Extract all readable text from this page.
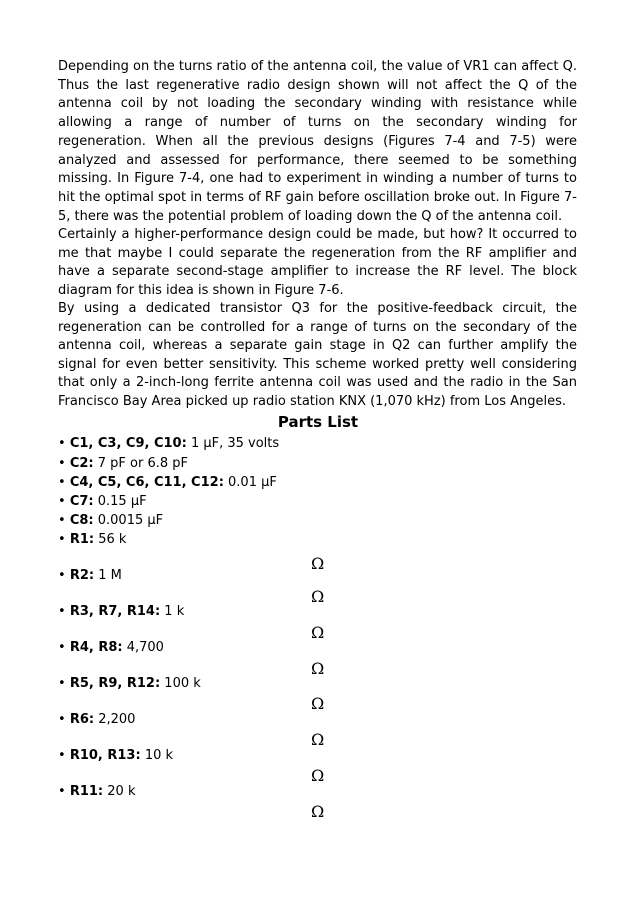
Depending on the turns ratio of the antenna coil, the value of VR1 can affect Q. Thus the last regenerative radio design shown will not affect the Q of the antenna coil by not loading the secondary winding with resistance while allowing a range of number of turns on the secondary winding for regeneration. When all the previous designs (Figures 7-4 and 7-5) were analyzed and assessed for performance, there seemed to be something missing. In Figure 7-4, one had to experiment in winding a number of turns to hit the optimal spot in terms of RF gain before oscillation broke out. In Figure 7-5, there was the potential problem of loading down the Q of the antenna coil.

Certainly a higher-performance design could be made, but how? It occurred to me that maybe I could separate the regeneration from the RF amplifier and have a separate second-stage amplifier to increase the RF level. The block diagram for this idea is shown in Figure 7-6.

By using a dedicated transistor Q3 for the positive-feedback circuit, the regeneration can be controlled for a range of turns on the secondary of the antenna coil, whereas a separate gain stage in Q2 can further amplify the signal for even better sensitivity. This scheme worked pretty well considering that only a 2-inch-long ferrite antenna coil was used and the radio in the San Francisco Bay Area picked up radio station KNX (1,070 kHz) from Los Angeles.

Parts List
• C1, C3, C9, C10: 1 µF, 35 volts
• C2: 7 pF or 6.8 pF
• C4, C5, C6, C11, C12: 0.01 µF
• C7: 0.15 µF
• C8: 0.0015 µF
• R1: 56 k
Ω
• R2: 1 M
Ω
• R3, R7, R14: 1 k
Ω
• R4, R8: 4,700
Ω
• R5, R9, R12: 100 k
Ω
• R6: 2,200
Ω
• R10, R13: 10 k
Ω
• R11: 20 k
Ω
